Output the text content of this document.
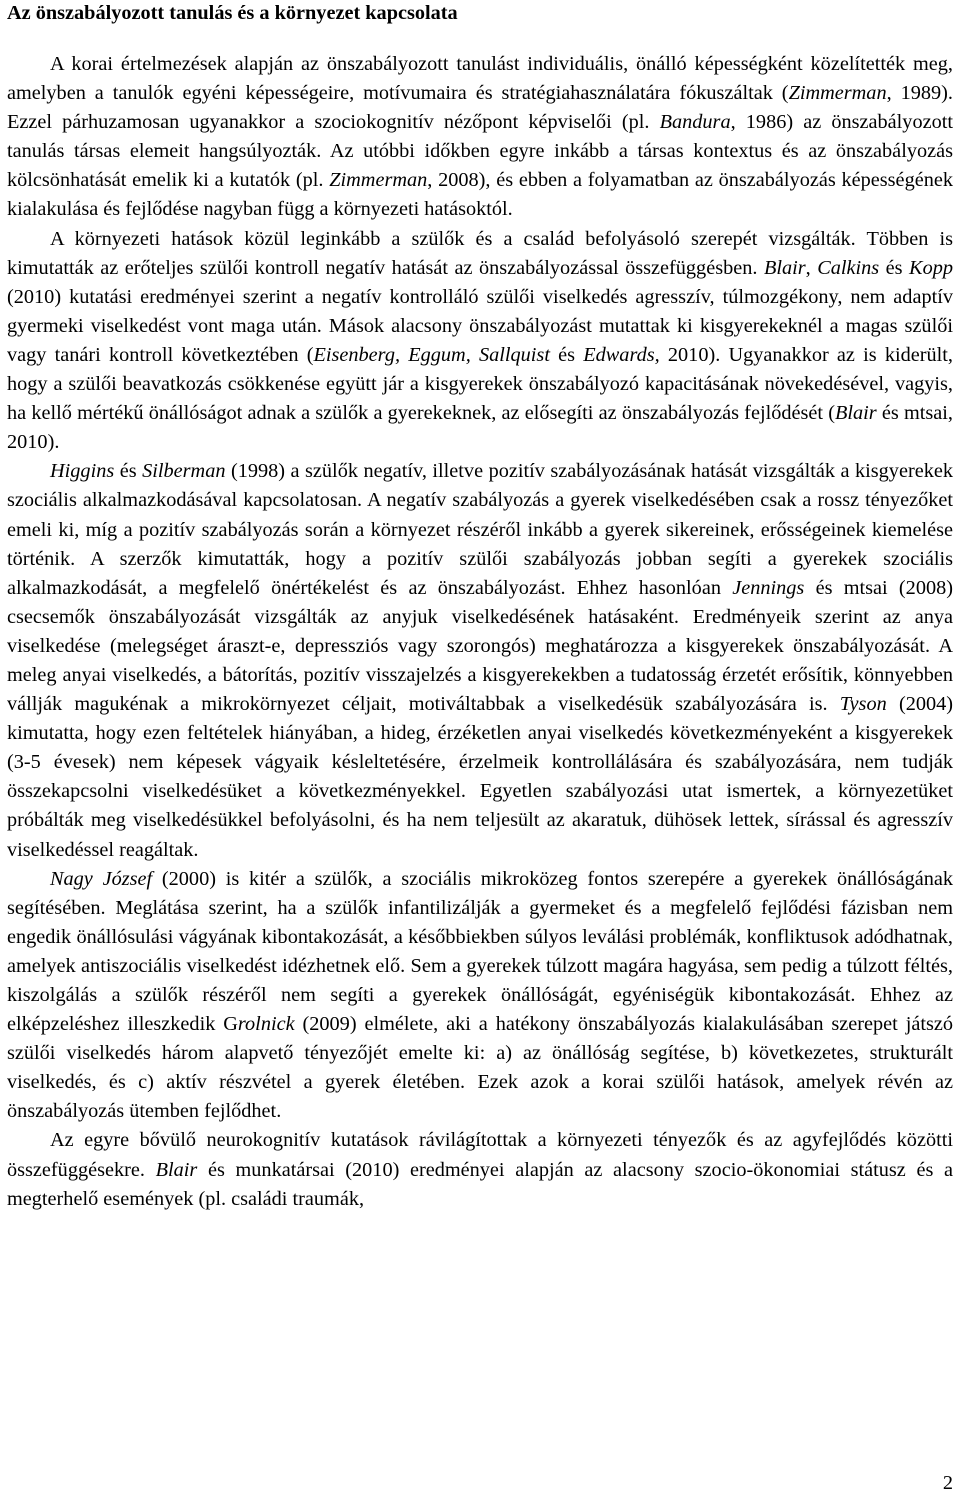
Az önszabályozott tanulás és a környezet kapcsolata

A korai értelmezések alapján az önszabályozott tanulást individuális, önálló képességként közelítették meg, amelyben a tanulók egyéni képességeire, motívumaira és stratégiahasználatára fókuszáltak (Zimmerman, 1989). Ezzel párhuzamosan ugyanakkor a szociokognitív nézőpont képviselői (pl. Bandura, 1986) az önszabályozott tanulás társas elemeit hangsúlyozták. Az utóbbi időkben egyre inkább a társas kontextus és az önszabályozás kölcsönhatását emelik ki a kutatók (pl. Zimmerman, 2008), és ebben a folyamatban az önszabályozás képességének kialakulása és fejlődése nagyban függ a környezeti hatásoktól.

A környezeti hatások közül leginkább a szülők és a család befolyásoló szerepét vizsgálták. Többen is kimutatták az erőteljes szülői kontroll negatív hatását az önszabályozással összefüggésben. Blair, Calkins és Kopp (2010) kutatási eredményei szerint a negatív kontrolláló szülői viselkedés agresszív, túlmozgékony, nem adaptív gyermeki viselkedést vont maga után. Mások alacsony önszabályozást mutattak ki kisgyerekeknél a magas szülői vagy tanári kontroll következtében (Eisenberg, Eggum, Sallquist és Edwards, 2010). Ugyanakkor az is kiderült, hogy a szülői beavatkozás csökkenése együtt jár a kisgyerekek önszabályozó kapacitásának növekedésével, vagyis, ha kellő mértékű önállóságot adnak a szülők a gyerekeknek, az elősegíti az önszabályozás fejlődését (Blair és mtsai, 2010).

Higgins és Silberman (1998) a szülők negatív, illetve pozitív szabályozásának hatását vizsgálták a kisgyerekek szociális alkalmazkodásával kapcsolatosan. A negatív szabályozás a gyerek viselkedésében csak a rossz tényezőket emeli ki, míg a pozitív szabályozás során a környezet részéről inkább a gyerek sikereinek, erősségeinek kiemelése történik. A szerzők kimutatták, hogy a pozitív szülői szabályozás jobban segíti a gyerekek szociális alkalmazkodását, a megfelelő önértékelést és az önszabályozást. Ehhez hasonlóan Jennings és mtsai (2008) csecsemők önszabályozását vizsgálták az anyjuk viselkedésének hatásaként. Eredményeik szerint az anya viselkedése (melegséget áraszt-e, depressziós vagy szorongós) meghatározza a kisgyerekek önszabályozását. A meleg anyai viselkedés, a bátorítás, pozitív visszajelzés a kisgyerekekben a tudatosság érzetét erősítik, könnyebben vállják magukénak a mikrokörnyezet céljait, motiváltabbak a viselkedésük szabályozására is. Tyson (2004) kimutatta, hogy ezen feltételek hiányában, a hideg, érzéketlen anyai viselkedés következményeként a kisgyerekek (3-5 évesek) nem képesek vágyaik késleltetésére, érzelmeik kontrollálására és szabályozására, nem tudják összekapcsolni viselkedésüket a következményekkel. Egyetlen szabályozási utat ismertek, a környezetüket próbálták meg viselkedésükkel befolyásolni, és ha nem teljesült az akaratuk, dühösek lettek, sírással és agresszív viselkedéssel reagáltak.

Nagy József (2000) is kitér a szülők, a szociális mikroközeg fontos szerepére a gyerekek önállóságának segítésében. Meglátása szerint, ha a szülők infantilizálják a gyermeket és a megfelelő fejlődési fázisban nem engedik önállósulási vágyának kibontakozását, a későbbiekben súlyos leválási problémák, konfliktusok adódhatnak, amelyek antiszociális viselkedést idézhetnek elő. Sem a gyerekek túlzott magára hagyása, sem pedig a túlzott féltés, kiszolgálás a szülők részéről nem segíti a gyerekek önállóságát, egyéniségük kibontakozását. Ehhez az elképzeléshez illeszkedik Grolnick (2009) elmélete, aki a hatékony önszabályozás kialakulásában szerepet játszó szülői viselkedés három alapvető tényezőjét emelte ki: a) az önállóság segítése, b) következetes, strukturált viselkedés, és c) aktív részvétel a gyerek életében. Ezek azok a korai szülői hatások, amelyek révén az önszabályozás ütemben fejlődhet.

Az egyre bővülő neurokognitív kutatások rávilágítottak a környezeti tényezők és az agyfejlődés közötti összefüggésekre. Blair és munkatársai (2010) eredményei alapján az alacsony szocio-ökonomiai státusz és a megterhelő események (pl. családi traumák,

2
